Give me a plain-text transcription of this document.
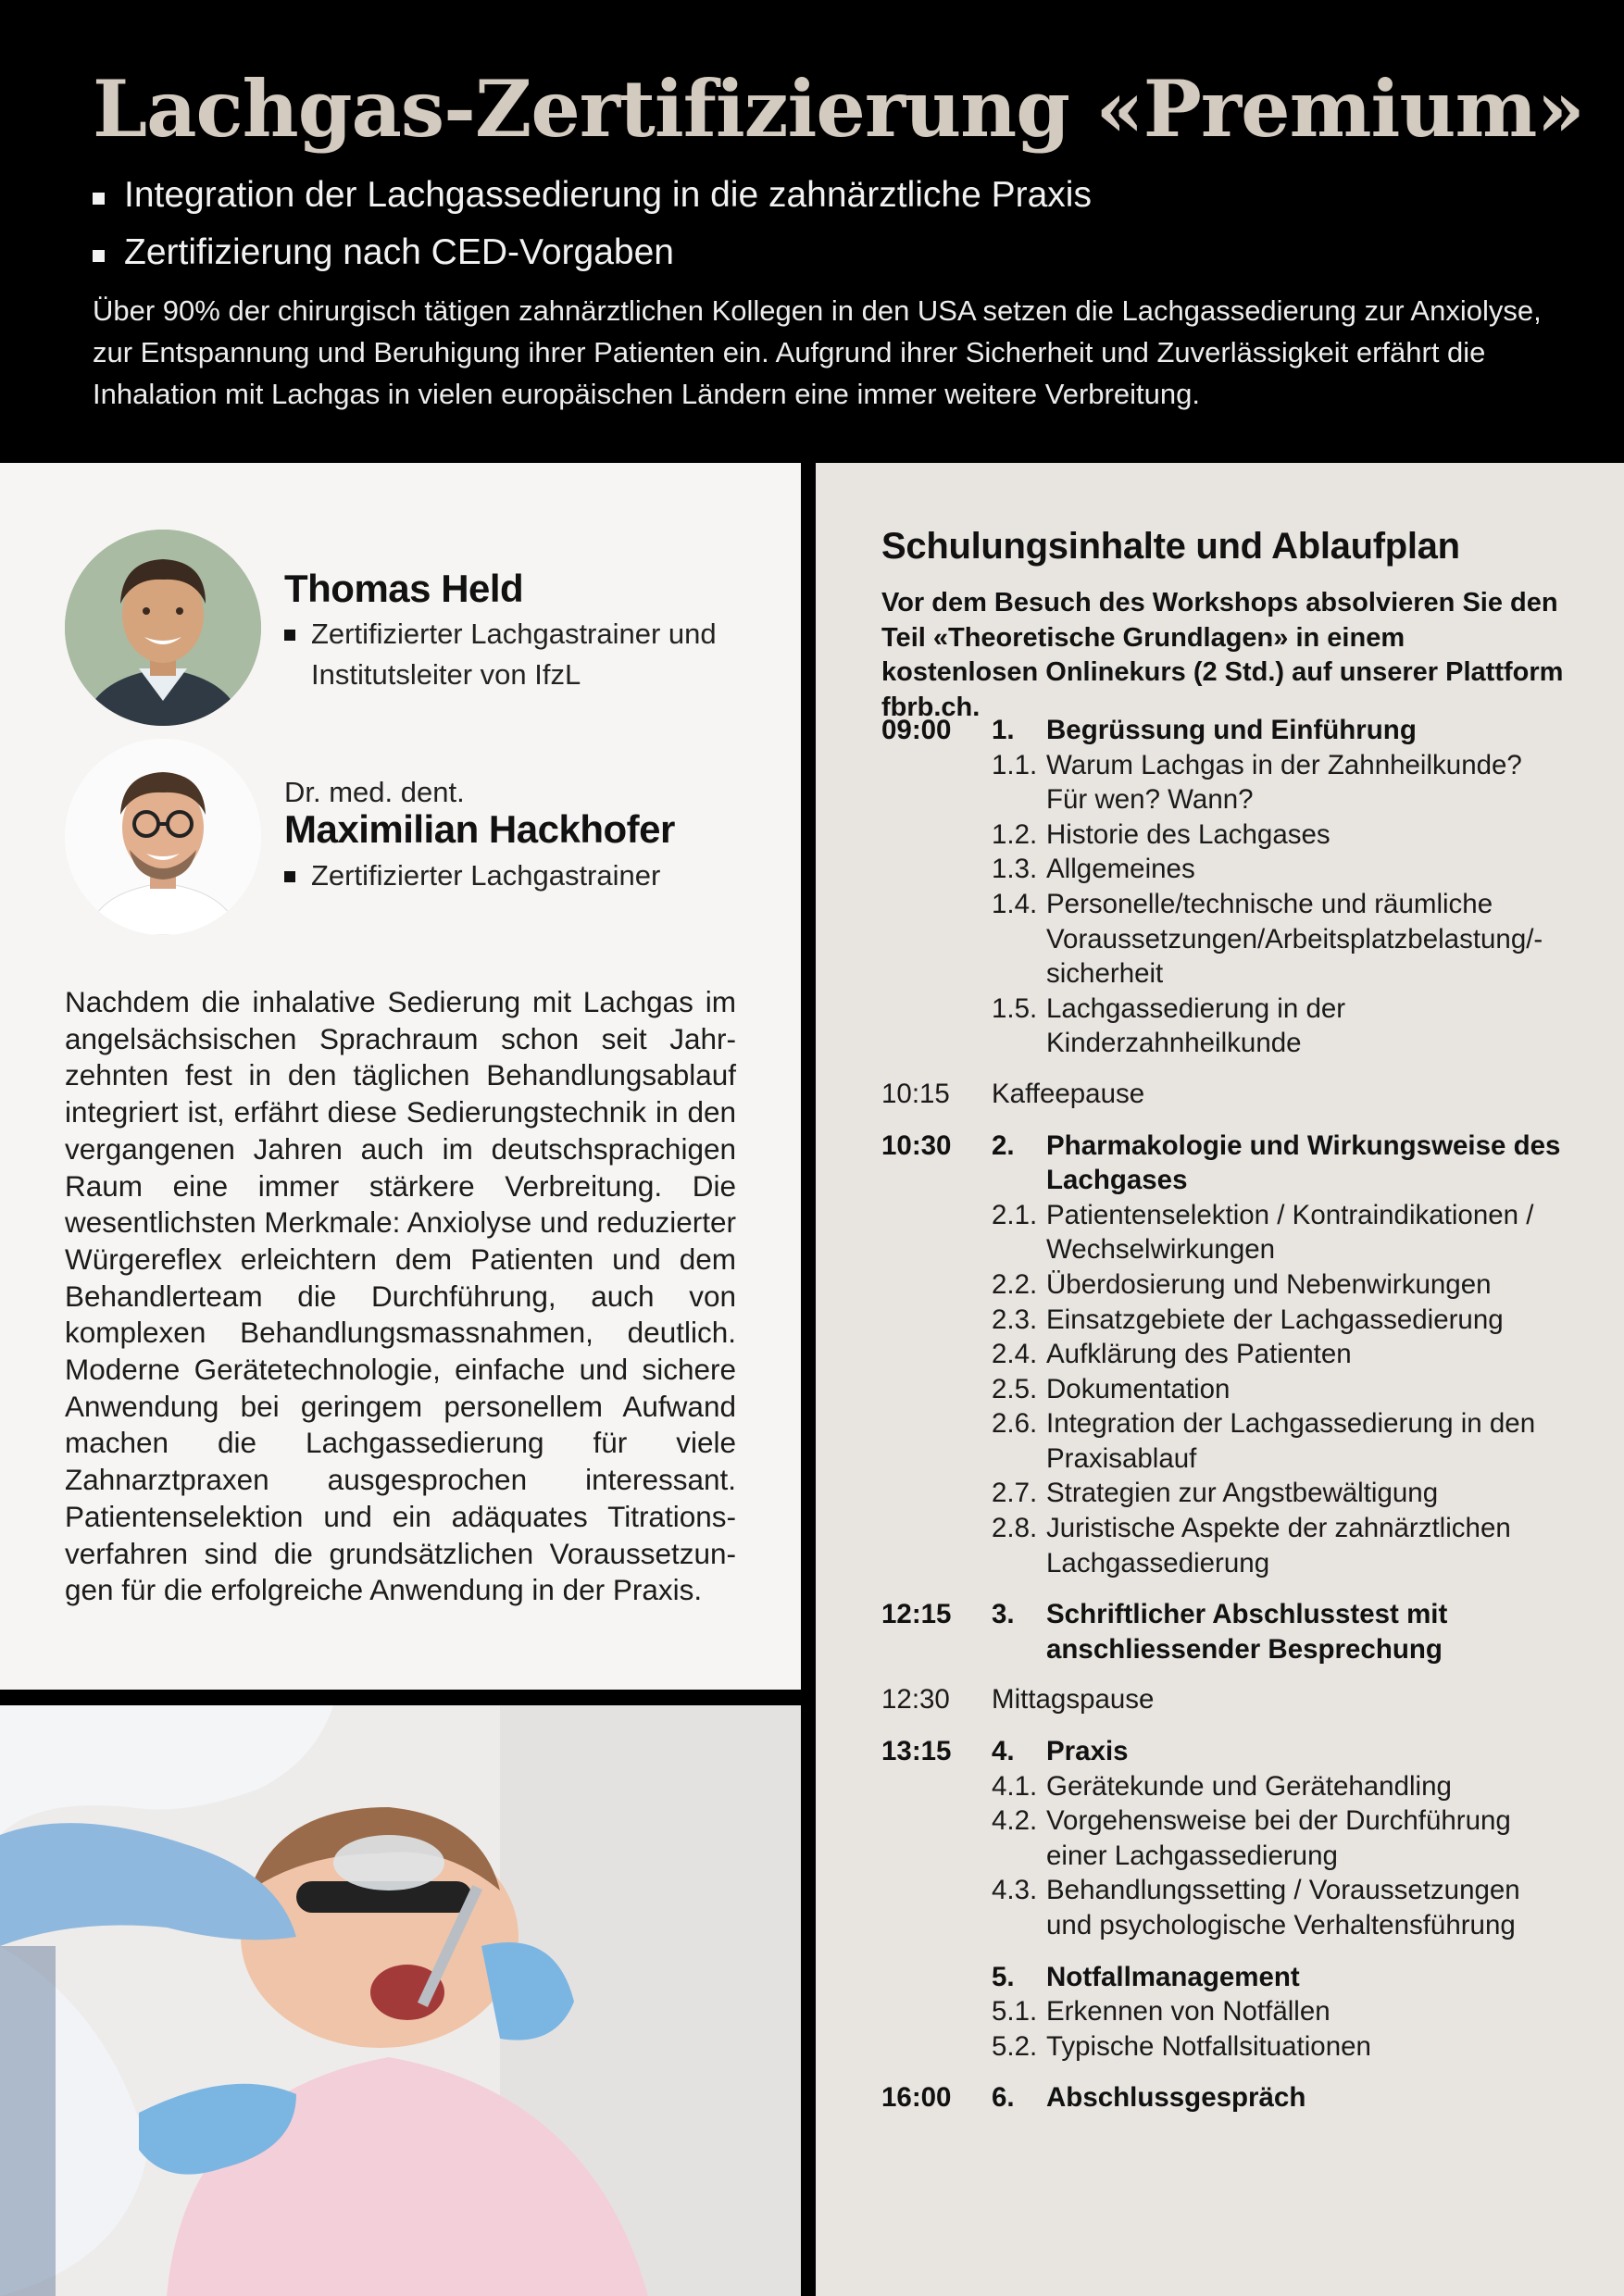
Lachgas-Zertifizierung «Premium»
Integration der Lachgassedierung in die zahnärztliche Praxis
Zertifizierung nach CED-Vorgaben

Über 90% der chirurgisch tätigen zahnärztlichen Kollegen in den USA setzen die Lachgassedierung zur Anxiolyse, zur Entspannung und Beruhigung ihrer Patienten ein. Aufgrund ihrer Sicherheit und Zuverlässigkeit erfährt die Inhalation mit Lachgas in vielen europäischen Ländern eine immer weitere Verbreitung.

Thomas Held
Zertifizierter Lachgastrainer und Institutsleiter von IfzL
Dr. med. dent.
Maximilian Hackhofer
Zertifizierter Lachgastrainer

Nachdem die inhalative Sedierung mit Lachgas im angelsächsischen Sprachraum schon seit Jahrzehnten fest in den täglichen Behandlungsablauf integriert ist, erfährt diese Sedierungstechnik in den vergangenen Jahren auch im deutschsprachigen Raum eine immer stärkere Verbreitung. Die wesentlichsten Merkmale: Anxiolyse und reduzierter Würgereflex erleichtern dem Patienten und dem Behandlerteam die Durchführung, auch von komplexen Behandlungsmassnahmen, deutlich. Moderne Gerätetechnologie, einfache und sichere Anwendung bei geringem personellem Aufwand machen die Lachgassedierung für viele Zahnarztpraxen ausgesprochen interessant. Patientenselektion und ein adäquates Titrationsverfahren sind die grundsätzlichen Voraussetzungen für die erfolgreiche Anwendung in der Praxis.

Schulungsinhalte und Ablaufplan

Vor dem Besuch des Workshops absolvieren Sie den Teil «Theoretische Grundlagen» in einem kostenlosen Onlinekurs (2 Std.) auf unserer Plattform fbrb.ch.

09:00 1. Begrüssung und Einführung
1.1. Warum Lachgas in der Zahnheilkunde? Für wen? Wann?
1.2. Historie des Lachgases
1.3. Allgemeines
1.4. Personelle/technische und räumliche Voraussetzungen/Arbeitsplatzbelastung/-sicherheit
1.5. Lachgassedierung in der Kinderzahnheilkunde
10:15 Kaffeepause
10:30 2. Pharmakologie und Wirkungsweise des Lachgases
2.1. Patientenselektion / Kontraindikationen / Wechselwirkungen
2.2. Überdosierung und Nebenwirkungen
2.3. Einsatzgebiete der Lachgassedierung
2.4. Aufklärung des Patienten
2.5. Dokumentation
2.6. Integration der Lachgassedierung in den Praxisablauf
2.7. Strategien zur Angstbewältigung
2.8. Juristische Aspekte der zahnärztlichen Lachgassedierung
12:15 3. Schriftlicher Abschlusstest mit anschliessender Besprechung
12:30 Mittagspause
13:15 4. Praxis
4.1. Gerätekunde und Gerätehandling
4.2. Vorgehensweise bei der Durchführung einer Lachgassedierung
4.3. Behandlungssetting / Voraussetzungen und psychologische Verhaltensführung
5. Notfallmanagement
5.1. Erkennen von Notfällen
5.2. Typische Notfallsituationen
16:00 6. Abschlussgespräch
